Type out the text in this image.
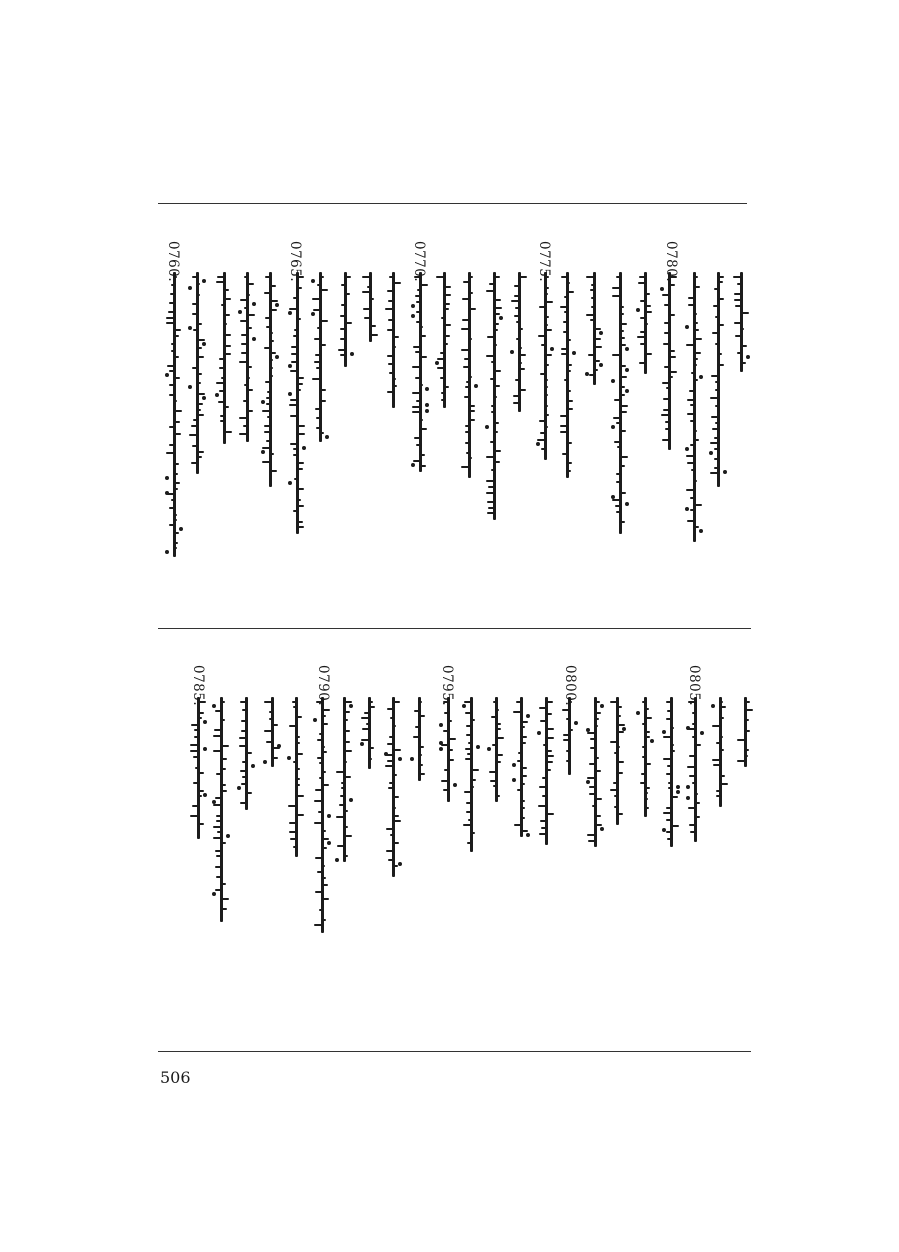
0760.	0765.	0770.	0775.	0780.
0785.	0790.	0795.	0800.	0805.
506
